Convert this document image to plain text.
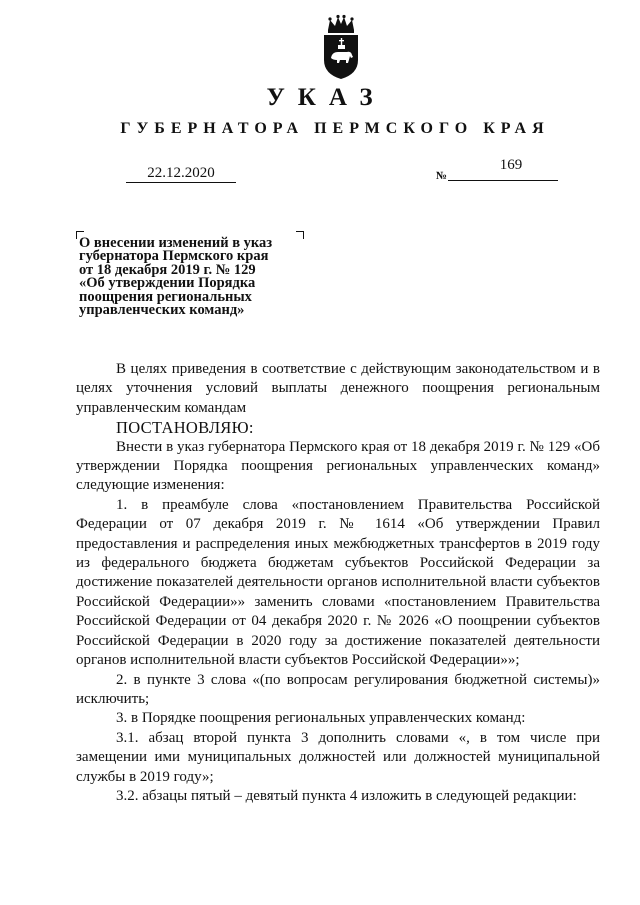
УКАЗ
ГУБЕРНАТОРА ПЕРМСКОГО КРАЯ
22.12.2020	№
169
О внесении изменений в указ
губернатора Пермского края
от 18 декабря 2019 г. № 129
«Об утверждении Порядка
поощрения региональных
управленческих команд»

В целях приведения в соответствие с действующим законодательством и в целях уточнения условий выплаты денежного поощрения региональным управленческим командам

ПОСТАНОВЛЯЮ:

Внести в указ губернатора Пермского края от 18 декабря 2019 г. № 129 «Об утверждении Порядка поощрения региональных управленческих команд» следующие изменения:

1. в преамбуле слова «постановлением Правительства Российской Федерации от 07 декабря 2019 г. № 1614 «Об утверждении Правил предоставления и распределения иных межбюджетных трансфертов в 2019 году из федерального бюджета бюджетам субъектов Российской Федерации за достижение показателей деятельности органов исполнительной власти субъектов Российской Федерации»» заменить словами «постановлением Правительства Российской Федерации от 04 декабря 2020 г. № 2026 «О поощрении субъектов Российской Федерации в 2020 году за достижение показателей деятельности органов исполнительной власти субъектов Российской Федерации»»;

2. в пункте 3 слова «(по вопросам регулирования бюджетной системы)» исключить;

3. в Порядке поощрения региональных управленческих команд:

3.1. абзац второй пункта 3 дополнить словами «, в том числе при замещении ими муниципальных должностей или должностей муниципальной службы в 2019 году»;

3.2. абзацы пятый – девятый пункта 4 изложить в следующей редакции:
